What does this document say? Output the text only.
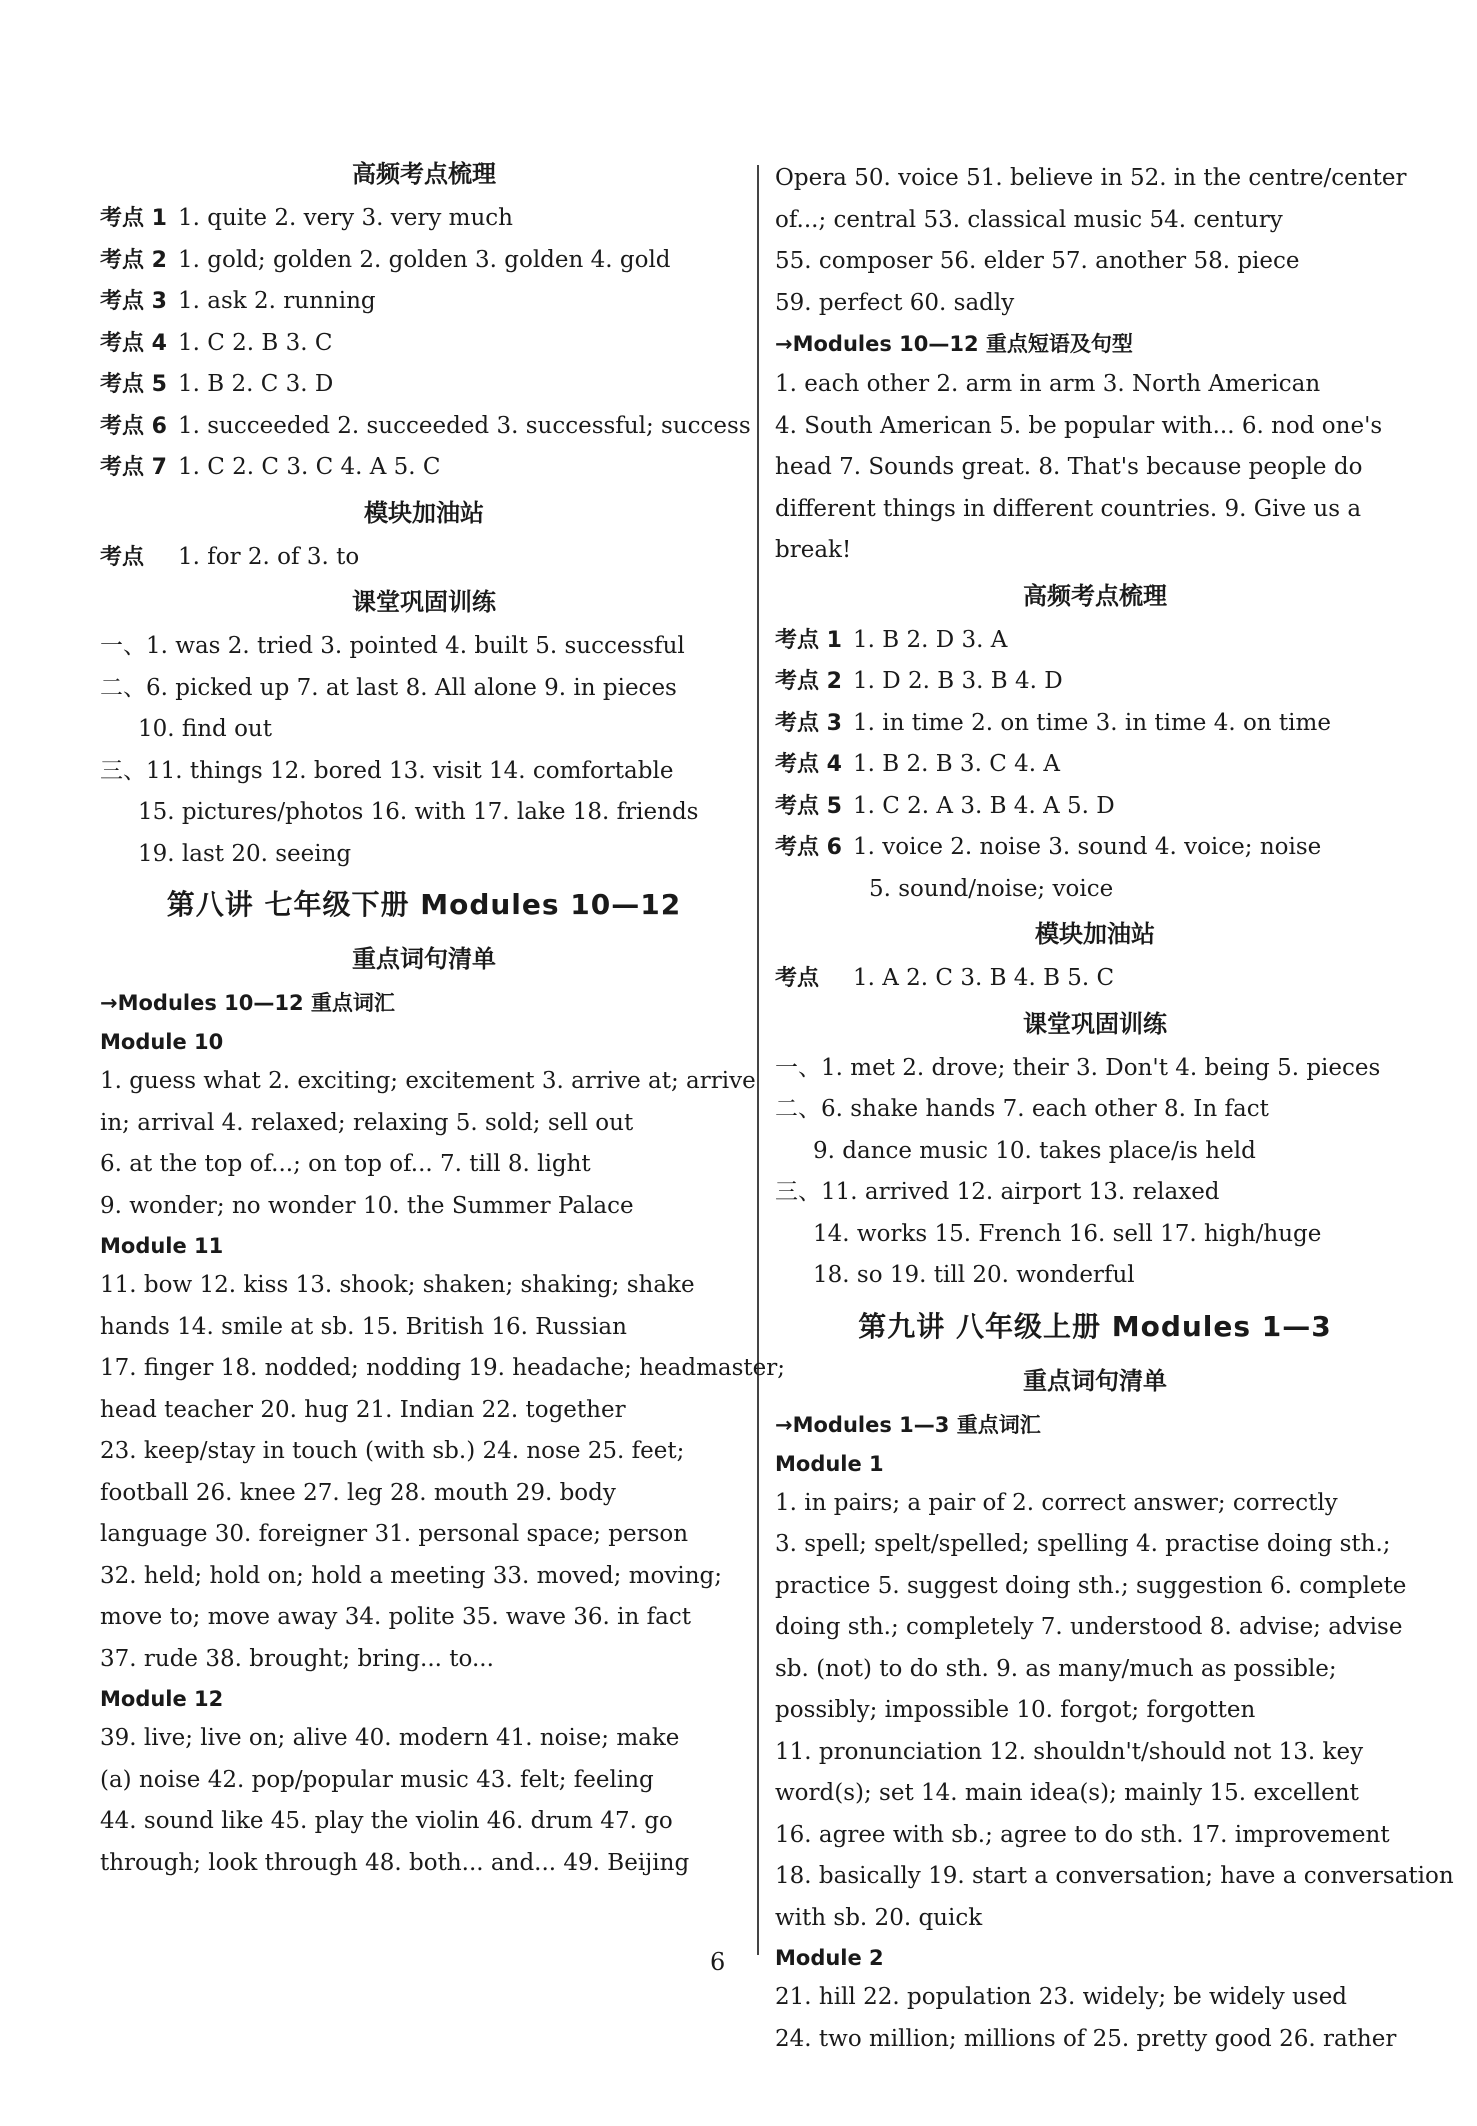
高频考点梳理
考点 1 1. quite 2. very 3. very much
考点 2 1. gold; golden 2. golden 3. golden 4. gold
考点 3 1. ask 2. running
考点 4 1. C 2. B 3. C
考点 5 1. B 2. C 3. D
考点 6 1. succeeded 2. succeeded 3. successful; success
考点 7 1. C 2. C 3. C 4. A 5. C
模块加油站
考点 1. for 2. of 3. to
课堂巩固训练
一、1. was 2. tried 3. pointed 4. built 5. successful
二、6. picked up 7. at last 8. All alone 9. in pieces
10. find out
三、11. things 12. bored 13. visit 14. comfortable
15. pictures/photos 16. with 17. lake 18. friends
19. last 20. seeing
第八讲 七年级下册 Modules 10—12
重点词句清单
→Modules 10—12 重点词汇
Module 10
1. guess what 2. exciting; excitement 3. arrive at; arrive
in; arrival 4. relaxed; relaxing 5. sold; sell out
6. at the top of...; on top of... 7. till 8. light
9. wonder; no wonder 10. the Summer Palace
Module 11
11. bow 12. kiss 13. shook; shaken; shaking; shake
hands 14. smile at sb. 15. British 16. Russian
17. finger 18. nodded; nodding 19. headache; headmaster;
head teacher 20. hug 21. Indian 22. together
23. keep/stay in touch (with sb.) 24. nose 25. feet;
football 26. knee 27. leg 28. mouth 29. body
language 30. foreigner 31. personal space; person
32. held; hold on; hold a meeting 33. moved; moving;
move to; move away 34. polite 35. wave 36. in fact
37. rude 38. brought; bring... to...
Module 12
39. live; live on; alive 40. modern 41. noise; make
(a) noise 42. pop/popular music 43. felt; feeling
44. sound like 45. play the violin 46. drum 47. go
through; look through 48. both... and... 49. Beijing
Opera 50. voice 51. believe in 52. in the centre/center
of...; central 53. classical music 54. century
55. composer 56. elder 57. another 58. piece
59. perfect 60. sadly
→Modules 10—12 重点短语及句型
1. each other 2. arm in arm 3. North American
4. South American 5. be popular with... 6. nod one's
head 7. Sounds great. 8. That's because people do
different things in different countries. 9. Give us a
break!
高频考点梳理
考点 1 1. B 2. D 3. A
考点 2 1. D 2. B 3. B 4. D
考点 3 1. in time 2. on time 3. in time 4. on time
考点 4 1. B 2. B 3. C 4. A
考点 5 1. C 2. A 3. B 4. A 5. D
考点 6 1. voice 2. noise 3. sound 4. voice; noise
5. sound/noise; voice
模块加油站
考点 1. A 2. C 3. B 4. B 5. C
课堂巩固训练
一、1. met 2. drove; their 3. Don't 4. being 5. pieces
二、6. shake hands 7. each other 8. In fact
9. dance music 10. takes place/is held
三、11. arrived 12. airport 13. relaxed
14. works 15. French 16. sell 17. high/huge
18. so 19. till 20. wonderful
第九讲 八年级上册 Modules 1—3
重点词句清单
→Modules 1—3 重点词汇
Module 1
1. in pairs; a pair of 2. correct answer; correctly
3. spell; spelt/spelled; spelling 4. practise doing sth.;
practice 5. suggest doing sth.; suggestion 6. complete
doing sth.; completely 7. understood 8. advise; advise
sb. (not) to do sth. 9. as many/much as possible;
possibly; impossible 10. forgot; forgotten
11. pronunciation 12. shouldn't/should not 13. key
word(s); set 14. main idea(s); mainly 15. excellent
16. agree with sb.; agree to do sth. 17. improvement
18. basically 19. start a conversation; have a conversation
with sb. 20. quick
Module 2
21. hill 22. population 23. widely; be widely used
24. two million; millions of 25. pretty good 26. rather
6
